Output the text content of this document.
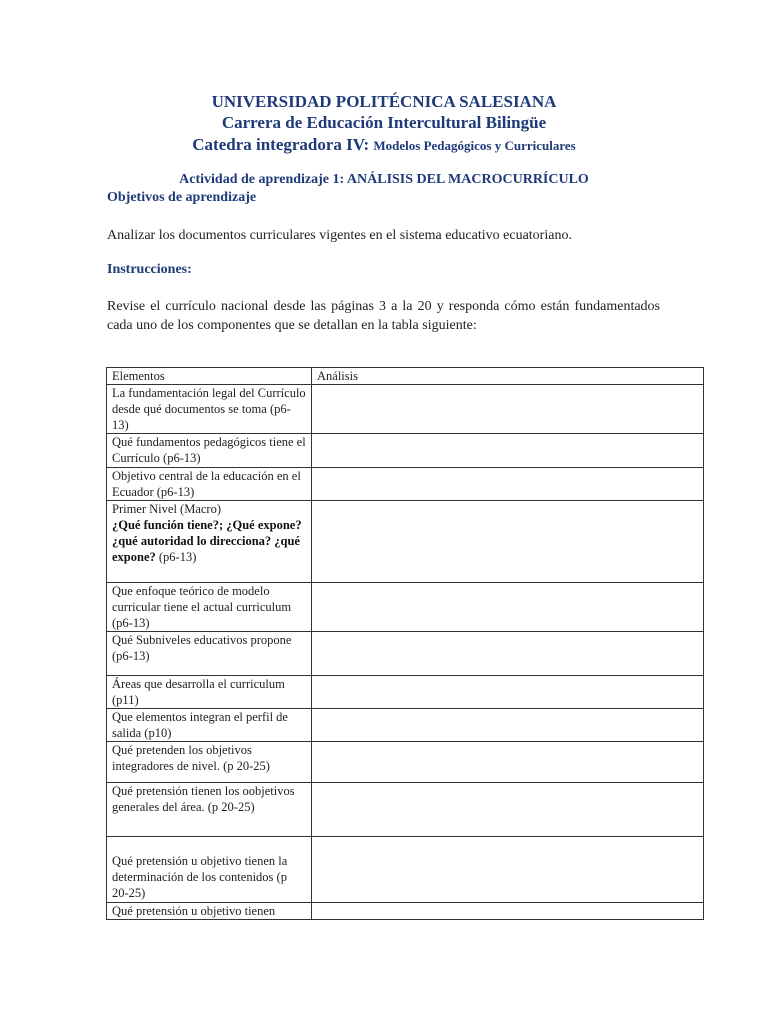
UNIVERSIDAD POLITÉCNICA SALESIANA
Carrera de Educación Intercultural Bilingüe
Catedra integradora IV: Modelos Pedagógicos y Curriculares
Actividad de aprendizaje 1: ANÁLISIS DEL MACROCURRÍCULO
Objetivos de aprendizaje
Analizar los documentos curriculares vigentes en el sistema educativo ecuatoriano.
Instrucciones:
Revise el currículo nacional desde las páginas 3 a la 20 y responda cómo están fundamentados cada uno de los componentes que se detallan en la tabla siguiente:
Elementos	Análisis
La fundamentación legal del Currículo desde qué documentos se toma (p6-13)	
Qué fundamentos pedagógicos tiene el Currículo (p6-13)	
Objetivo central de la educación en el Ecuador (p6-13)	
Primer Nivel (Macro)
¿Qué función tiene?; ¿Qué expone? ¿qué autoridad lo direcciona? ¿qué expone? (p6-13)	
Que enfoque teórico de modelo curricular tiene el actual curriculum (p6-13)	
Qué Subniveles educativos propone (p6-13)	
Áreas que desarrolla el curriculum (p11)	
Que elementos integran el perfil de salida (p10)	
Qué pretenden los objetivos integradores de nivel. (p 20-25)	
Qué pretensión tienen los oobjetivos generales del área. (p 20-25)	
Qué pretensión u objetivo tienen la determinación de los contenidos (p 20-25)	
Qué pretensión u objetivo tienen	
